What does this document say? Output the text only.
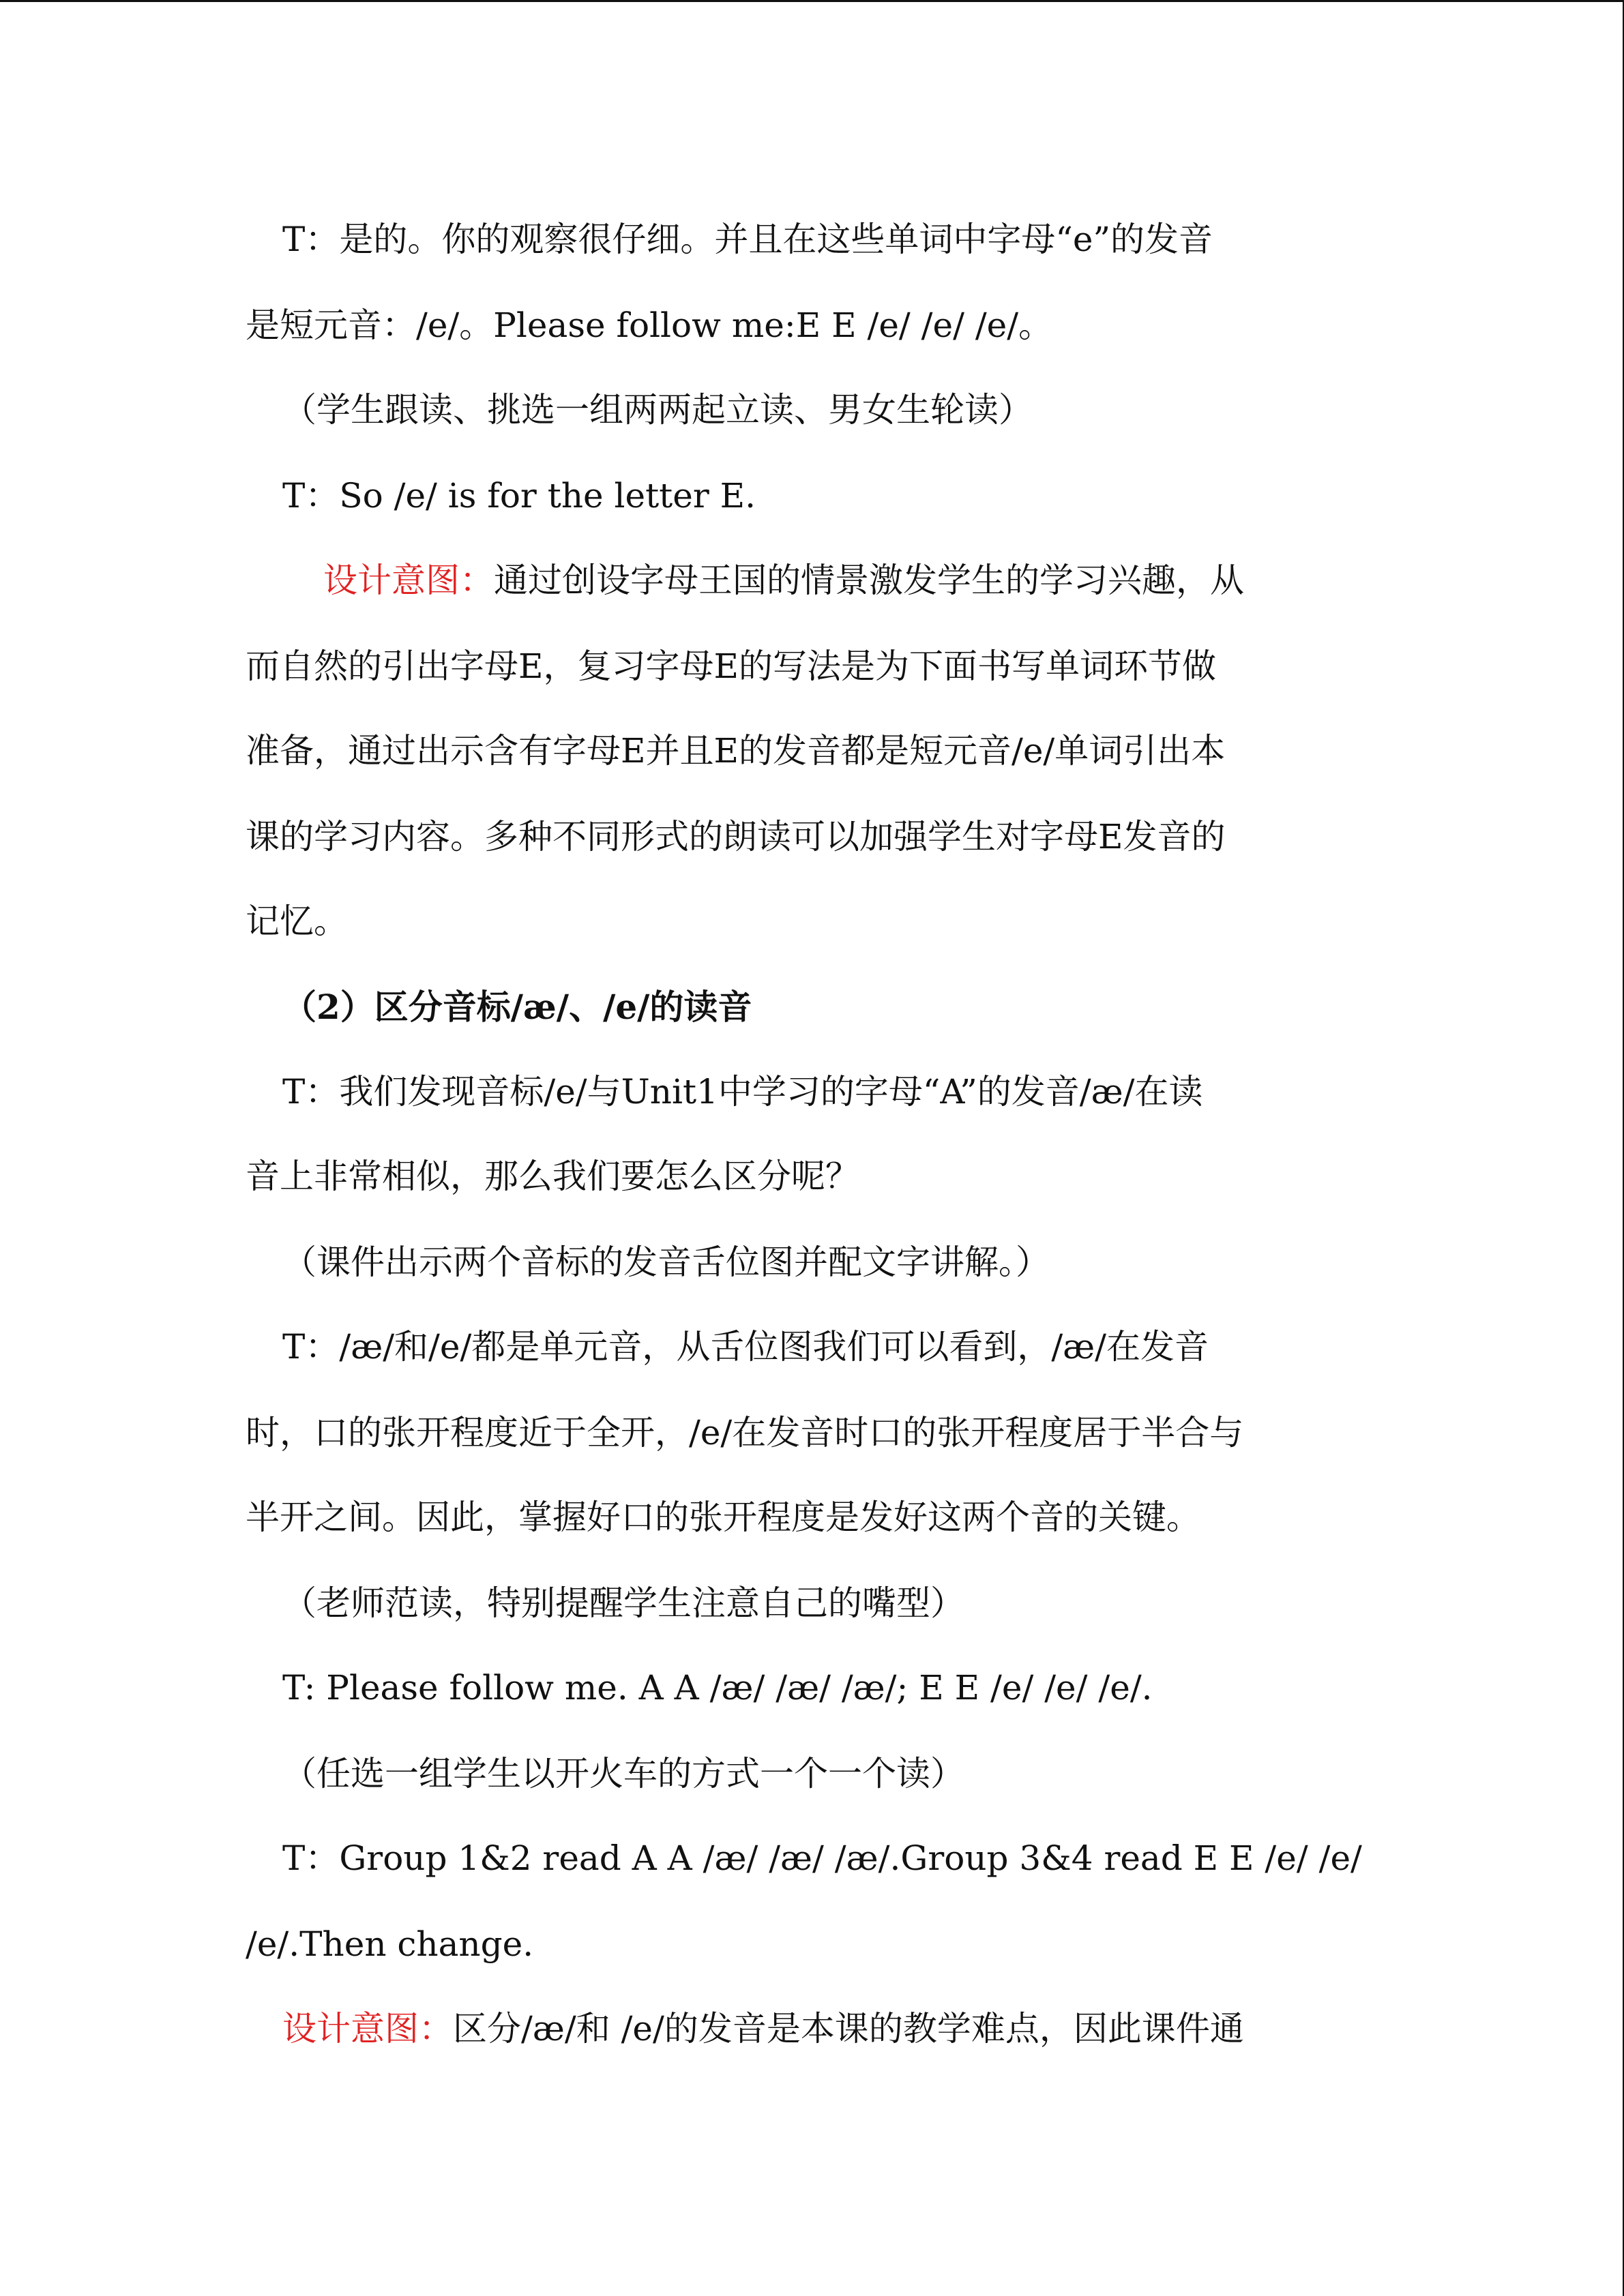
T：是的。你的观察很仔细。并且在这些单词中字母“e”的发音
是短元音：/e/。Please follow me:E E /e/ /e/ /e/。
（学生跟读、挑选一组两两起立读、男女生轮读）
T：So /e/ is for the letter E.
设计意图：通过创设字母王国的情景激发学生的学习兴趣，从
而自然的引出字母E，复习字母E的写法是为下面书写单词环节做
准备，通过出示含有字母E并且E的发音都是短元音/e/单词引出本
课的学习内容。多种不同形式的朗读可以加强学生对字母E发音的
记忆。
（2）区分音标/æ/、/e/的读音
T：我们发现音标/e/与Unit1中学习的字母“A”的发音/æ/在读
音上非常相似，那么我们要怎么区分呢？
（课件出示两个音标的发音舌位图并配文字讲解。）
T：/æ/和/e/都是单元音，从舌位图我们可以看到，/æ/在发音
时，口的张开程度近于全开，/e/在发音时口的张开程度居于半合与
半开之间。因此，掌握好口的张开程度是发好这两个音的关键。
（老师范读，特别提醒学生注意自己的嘴型）
T: Please follow me. A A /æ/ /æ/ /æ/; E E /e/ /e/ /e/.
（任选一组学生以开火车的方式一个一个读）
T：Group 1&2 read A A /æ/ /æ/ /æ/.Group 3&4 read E E /e/ /e/
/e/.Then change.
设计意图：区分/æ/和 /e/的发音是本课的教学难点，因此课件通
